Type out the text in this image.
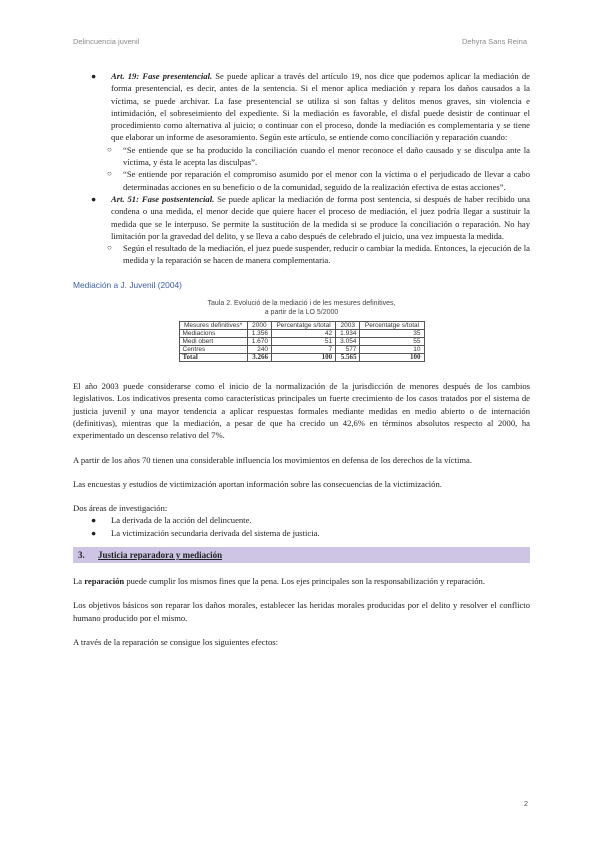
Delincuencia juvenil	Dehyra Sans Reina
● Art. 19: Fase presentencial. Se puede aplicar a través del artículo 19, nos dice que podemos aplicar la mediación de forma presentencial, es decir, antes de la sentencia. Si el menor aplica mediación y repara los daños causados a la víctima, se puede archivar. La fase presentencial se utiliza si son faltas y delitos menos graves, sin violencia e intimidación, el sobreseimiento del expediente. Si la mediación es favorable, el disfal puede desistir de continuar el procedimiento como alternativa al juicio; o continuar con el proceso, donde la mediación es complementaria y se tiene que elaborar un informe de asesoramiento. Según este artículo, se entiende como conciliación y reparación cuando:
○ “Se entiende que se ha producido la conciliación cuando el menor reconoce el daño causado y se disculpa ante la víctima, y ésta le acepta las disculpas”.
○ “Se entiende por reparación el compromiso asumido por el menor con la víctima o el perjudicado de llevar a cabo determinadas acciones en su beneficio o de la comunidad, seguido de la realización efectiva de estas acciones”.
● Art. 51: Fase postsentencial. Se puede aplicar la mediación de forma post sentencia, si después de haber recibido una condena o una medida, el menor decide que quiere hacer el proceso de mediación, el juez podría llegar a sustituir la medida que se le interpuso. Se permite la sustitución de la medida si se produce la conciliación o reparación. No hay limitación por la gravedad del delito, y se lleva a cabo después de celebrado el juicio, una vez impuesta la medida.
○ Según el resultado de la mediación, el juez puede suspender, reducir o cambiar la medida. Entonces, la ejecución de la medida y la reparación se hacen de manera complementaria.
Mediación a J. Juvenil (2004)
Taula 2. Evolució de la mediació i de les mesures definitives,
a partir de la LO 5/2000
Mesures definitives*	2000	Percentatge s/total	2003	Percentatge s/total
Mediacions	1.356	42	1.934	35
Medi obert	1.670	51	3.054	55
Centres	240	7	577	10
Total	3.266	100	5.565	100

El año 2003 puede considerarse como el inicio de la normalización de la jurisdicción de menores después de los cambios legislativos. Los indicativos presenta como características principales un fuerte crecimiento de los casos tratados por el sistema de justicia juvenil y una mayor tendencia a aplicar respuestas formales mediante medidas en medio abierto o de internación (definitivas), mientras que la mediación, a pesar de que ha crecido un 42,6% en términos absolutos respecto al 2000, ha experimentado un descenso relativo del 7%.

A partir de los años 70 tienen una considerable influencia los movimientos en defensa de los derechos de la víctima.

Las encuestas y estudios de victimización aportan información sobre las consecuencias de la victimización.

Dos áreas de investigación:

● La derivada de la acción del delincuente.
● La victimización secundaria derivada del sistema de justicia.
3. Justicia reparadora y mediación

La reparación puede cumplir los mismos fines que la pena. Los ejes principales son la responsabilización y reparación.

Los objetivos básicos son reparar los daños morales, establecer las heridas morales producidas por el delito y resolver el conflicto humano producido por el mismo.

A través de la reparación se consigue los siguientes efectos:

2
